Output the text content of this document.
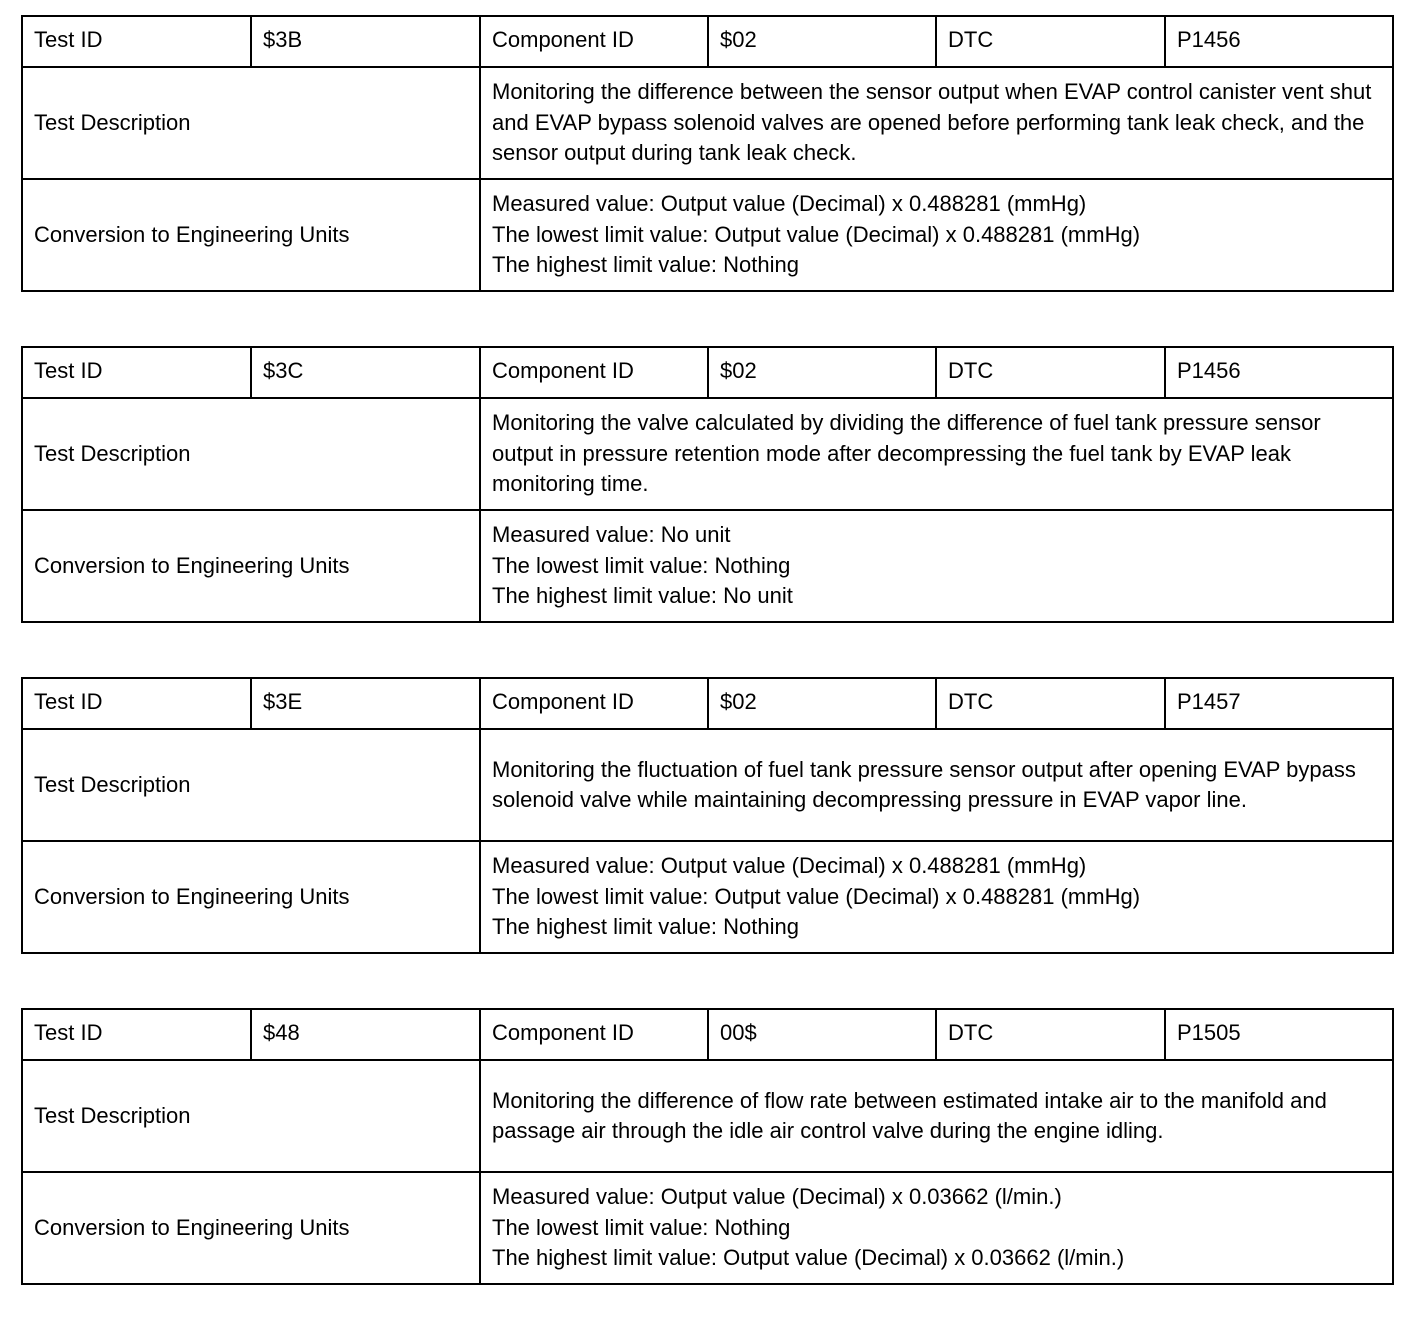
Test ID	$3B	Component ID	$02	DTC	P1456
Test Description		Monitoring the difference between the sensor output when EVAP control canister vent shut and EVAP bypass solenoid valves are opened before performing tank leak check, and the sensor output during tank leak check.			
Conversion to Engineering Units		Measured value: Output value (Decimal) x 0.488281 (mmHg)
The lowest limit value: Output value (Decimal) x 0.488281 (mmHg)
The highest limit value: Nothing			
Test ID	$3C	Component ID	$02	DTC	P1456
Test Description		Monitoring the valve calculated by dividing the difference of fuel tank pressure sensor output in pressure retention mode after decompressing the fuel tank by EVAP leak monitoring time.			
Conversion to Engineering Units		Measured value: No unit
The lowest limit value: Nothing
The highest limit value: No unit			
Test ID	$3E	Component ID	$02	DTC	P1457
Test Description		Monitoring the fluctuation of fuel tank pressure sensor output after opening EVAP bypass solenoid valve while maintaining decompressing pressure in EVAP vapor line.			
Conversion to Engineering Units		Measured value: Output value (Decimal) x 0.488281 (mmHg)
The lowest limit value: Output value (Decimal) x 0.488281 (mmHg)
The highest limit value: Nothing			
Test ID	$48	Component ID	00$	DTC	P1505
Test Description		Monitoring the difference of flow rate between estimated intake air to the manifold and passage air through the idle air control valve during the engine idling.			
Conversion to Engineering Units		Measured value: Output value (Decimal) x 0.03662 (l/min.)
The lowest limit value: Nothing
The highest limit value: Output value (Decimal) x 0.03662 (l/min.)			
